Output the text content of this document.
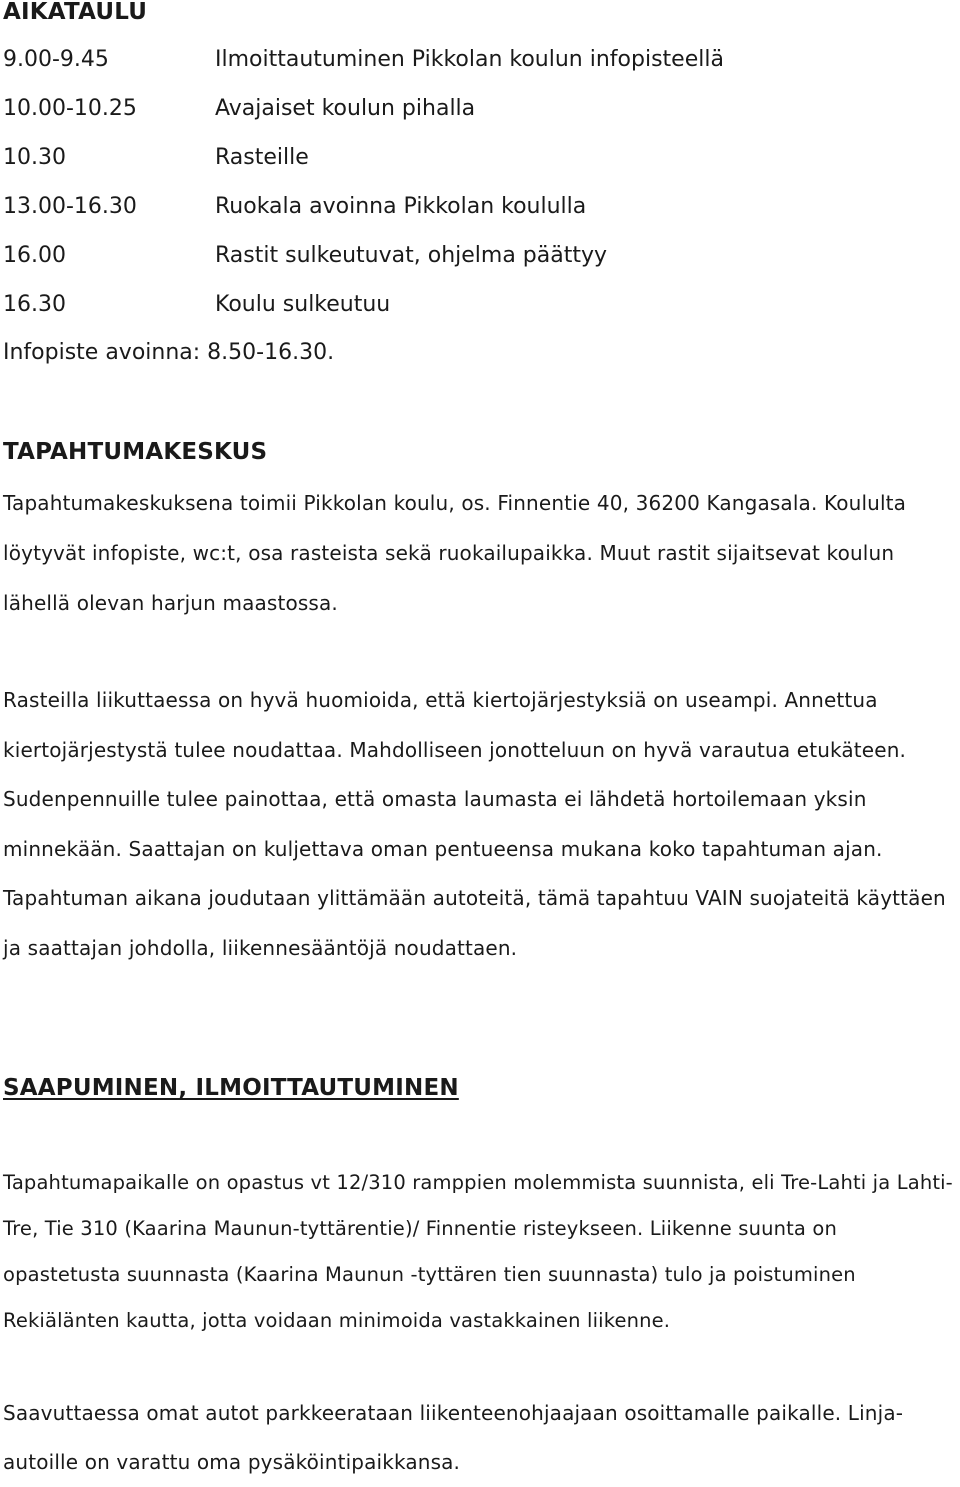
AIKATAULU
9.00-9.45	Ilmoittautuminen Pikkolan koulun infopisteellä
10.00-10.25	Avajaiset koulun pihalla
10.30	Rasteille
13.00-16.30	Ruokala avoinna Pikkolan koululla
16.00	Rastit sulkeutuvat, ohjelma päättyy
16.30	Koulu sulkeutuu
Infopiste avoinna: 8.50-16.30.
TAPAHTUMAKESKUS

Tapahtumakeskuksena toimii Pikkolan koulu, os. Finnentie 40, 36200 Kangasala. Koululta löytyvät infopiste, wc:t, osa rasteista sekä ruokailupaikka. Muut rastit sijaitsevat koulun lähellä olevan harjun maastossa.

Rasteilla liikuttaessa on hyvä huomioida, että kiertojärjestyksiä on useampi. Annettua kiertojärjestystä tulee noudattaa. Mahdolliseen jonotteluun on hyvä varautua etukäteen. Sudenpennuille tulee painottaa, että omasta laumasta ei lähdetä hortoilemaan yksin minnekään. Saattajan on kuljettava oman pentueensa mukana koko tapahtuman ajan. Tapahtuman aikana joudutaan ylittämään autoteitä, tämä tapahtuu VAIN suojateitä käyttäen ja saattajan johdolla, liikennesääntöjä noudattaen.

SAAPUMINEN, ILMOITTAUTUMINEN

Tapahtumapaikalle on opastus vt 12/310 ramppien molemmista suunnista, eli Tre-Lahti ja Lahti-Tre, Tie 310 (Kaarina Maunun-tyttärentie)/ Finnentie risteykseen. Liikenne suunta on opastetusta suunnasta (Kaarina Maunun -tyttären tien suunnasta) tulo ja poistuminen Rekiälänten kautta, jotta voidaan minimoida vastakkainen liikenne.

Saavuttaessa omat autot parkkeerataan liikenteenohjaajaan osoittamalle paikalle. Linja-autoille on varattu oma pysäköintipaikkansa.
